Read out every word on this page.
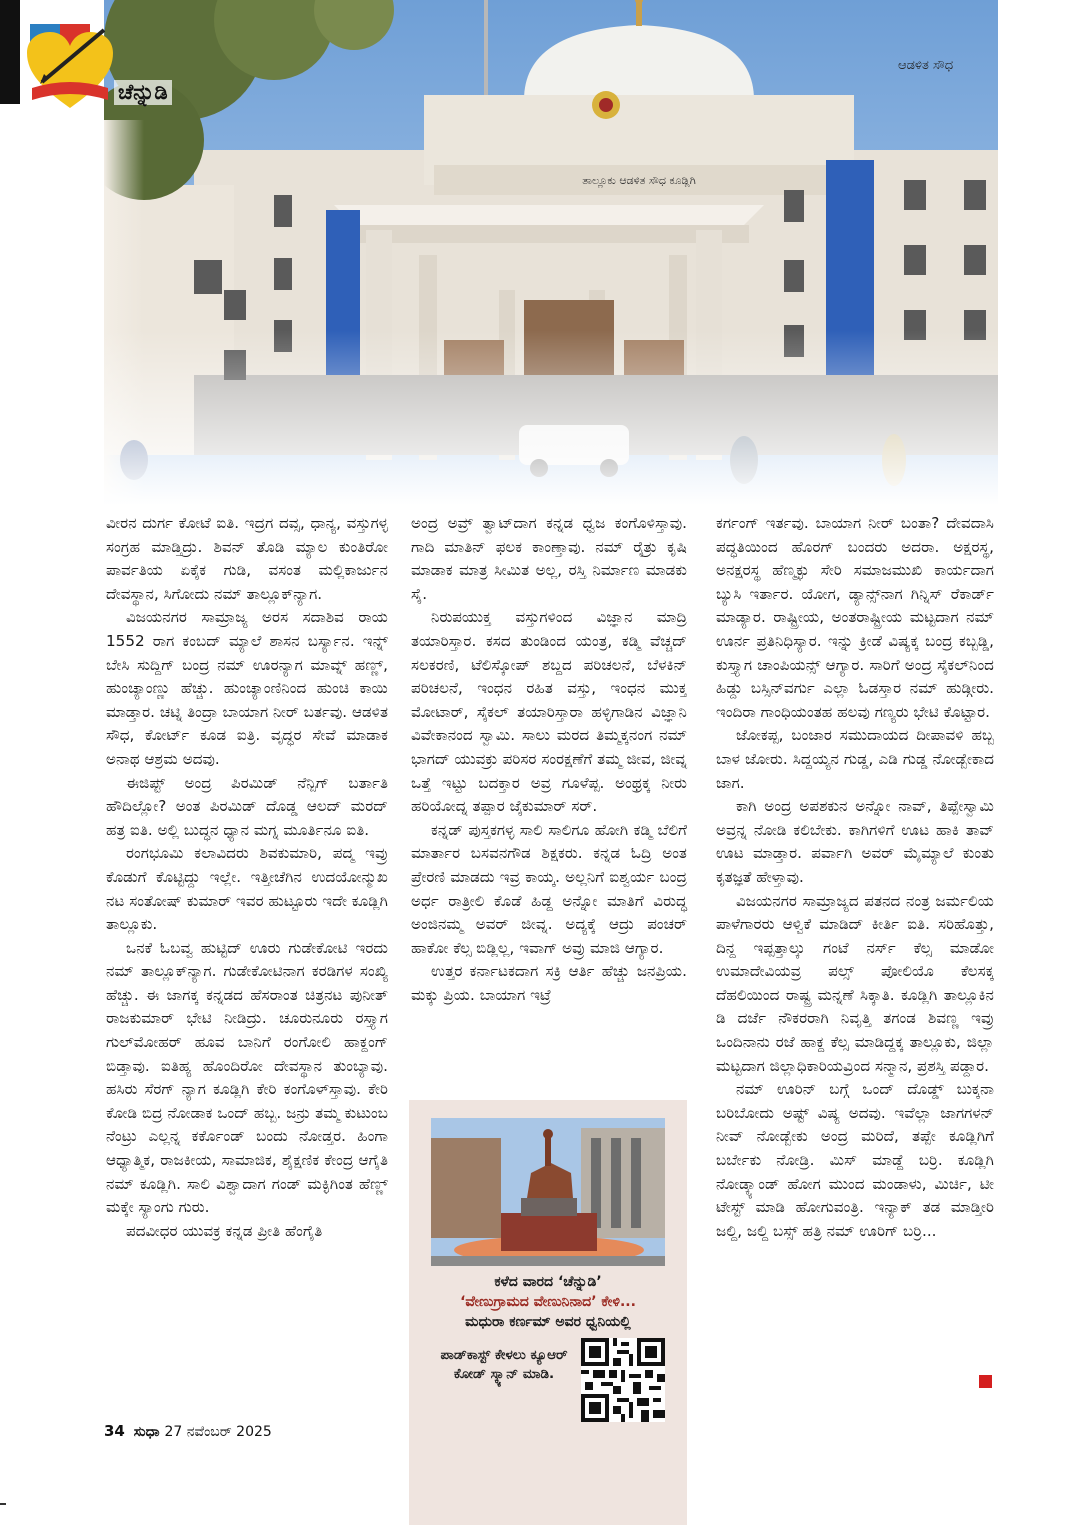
ತಾಲ್ಲೂಕು ಆಡಳಿತ ಸೌಧ ಕೂಡ್ಲಿಗಿ
ಚೆನ್ನುಡಿ
ಆಡಳಿತ ಸೌಧ

ವೀರನ ದುರ್ಗ ಕೋಟೆ ಐತಿ. ಇದ್ರಗ ದವ್ಸ, ಧಾನ್ಯ, ವಸ್ತುಗಳ್ಳ ಸಂಗ್ರಹ ಮಾಡ್ತಿದ್ರು. ಶಿವನ್ ತೊಡಿ ಮ್ಯಾಲ ಕುಂತಿರೋ ಪಾರ್ವತಿಯ ಏಕೈಕ ಗುಡಿ, ವಸಂತ ಮಲ್ಲಿಕಾರ್ಜುನ ದೇವಸ್ಥಾನ, ಸಿಗೋದು ನಮ್ ತಾಲ್ಲೂಕ್‌ನ್ಯಾಗ.

ವಿಜಯನಗರ ಸಾಮ್ರಾಜ್ಯ ಅರಸ ಸದಾಶಿವ ರಾಯ 1552 ರಾಗ ಕಂಬದ್ ಮ್ಯಾಲೆ ಶಾಸನ ಬರ್ಸ್ಯಾನ. ಇನ್ನ್ ಬೇಸಿ ಸುದ್ದಿಗ್ ಬಂದ್ರ ನಮ್ ಊರನ್ಯಾಗ ಮಾವ್ನ್ ಹಣ್ಣ್, ಹುಂಚ್ಯಾಂಣ್ಣು ಹೆಚ್ಚು. ಹುಂಚ್ಯಾಂಣಿನಿಂದ ಹುಂಚಿ ಕಾಯಿ ಮಾಡ್ತಾರ. ಚಟ್ನಿ ತಿಂದ್ರಾ ಬಾಯಾಗ ನೀರ್ ಬರ್ತವು. ಆಡಳಿತ ಸೌಧ, ಕೋರ್ಟ್ ಕೂಡ ಐತ್ರಿ. ವೃದ್ಧರ ಸೇವೆ ಮಾಡಾಕ ಅನಾಥ ಆಶ್ರಮ ಅದವು.

ಈಜಿಪ್ಟ್ ಅಂದ್ರ ಪಿರಮಿಡ್ ನೆನ್ಪಿಗ್ ಬರ್ತಾತಿ ಹೌದಿಲ್ಲೋ? ಅಂತ ಪಿರಮಿಡ್ ದೊಡ್ಡ ಆಲದ್ ಮರದ್ ಹತ್ರ ಐತಿ. ಅಲ್ಲಿ ಬುದ್ಧನ ಧ್ಯಾನ ಮಗ್ನ ಮೂರ್ತಿನೂ ಐತಿ.

ರಂಗಭೂಮಿ ಕಲಾವಿದರು ಶಿವಕುಮಾರಿ, ಪದ್ಮ ಇವ್ರು ಕೊಡುಗೆ ಕೊಟ್ಟಿದ್ದು ಇಲ್ಲೇ. ಇತ್ತೀಚೆಗಿನ ಉದಯೋನ್ಮುಖ ನಟ ಸಂತೋಷ್ ಕುಮಾರ್ ಇವರ ಹುಟ್ಟೂರು ಇದೇ ಕೂಡ್ಲಿಗಿ ತಾಲ್ಲೂಕು.

ಒನಕೆ ಓಬವ್ವ ಹುಟ್ಟಿದ್ ಊರು ಗುಡೇಕೋಟಿ ಇರದು ನಮ್ ತಾಲ್ಲೂಕ್‌ನ್ಯಾಗ. ಗುಡೇಕೋಟಿನಾಗ ಕರಡಿಗಳ ಸಂಖ್ಯಿ ಹೆಚ್ಚು. ಈ ಜಾಗಕ್ಕ ಕನ್ನಡದ ಹೆಸರಾಂತ ಚಿತ್ರನಟ ಪುನೀತ್ ರಾಜಕುಮಾರ್ ಭೇಟಿ ನೀಡಿದ್ರು. ಚೂರುನೂರು ರಸ್ತ್ಯಾಗ ಗುಲ್‌ಮೋಹರ್ ಹೂವ ಬಾನಿಗೆ ರಂಗೋಲಿ ಹಾಕ್ದಂಗ್ ಬಿಡ್ತಾವು. ಐತಿಹ್ಯ ಹೊಂದಿರೋ ದೇವಸ್ಥಾನ ತುಂಬ್ಯಾವು. ಹಸಿರು ಸೆರಗ್ ನ್ಯಾಗ ಕೂಡ್ಲಿಗಿ ಕೇರಿ ಕಂಗೊಳ್‌ಸ್ತಾವು. ಕೇರಿ ಕೋಡಿ ಬಿದ್ರ ನೋಡಾಕ ಒಂದ್ ಹಬ್ಬ. ಜನ್ರು ತಮ್ಮ ಕುಟುಂಬ ನೆಂಟ್ರು ಎಲ್ಲನ್ನ ಕರ್ಕೊಂಡ್ ಬಂದು ನೋಡ್ತರ. ಹಿಂಗಾ ಆಧ್ಯಾತ್ಮಿಕ, ರಾಜಕೀಯ, ಸಾಮಾಜಿಕ, ಶೈಕ್ಷಣಿಕ ಕೇಂದ್ರ ಆಗೈತಿ ನಮ್ ಕೂಡ್ಲಿಗಿ. ಸಾಲಿ ವಿಶ್ವಾದಾಗ ಗಂಡ್ ಮಕ್ಳಿಗಿಂತ ಹೆಣ್ಣ್ ಮಕ್ಕೇ ಸ್ಯಾಂಗು ಗುರು.

ಪದವೀಧರ ಯುವಕ್ರ ಕನ್ನಡ ಪ್ರೀತಿ ಹೆಂಗೈತಿ

ಅಂದ್ರ ಅವ್ರ್ ತ್ವಾಟ್‌ದಾಗ ಕನ್ನಡ ಧ್ವಜ ಕಂಗೊಳಿಸ್ತಾವು. ಗಾದಿ ಮಾತಿನ್ ಫಲಕ ಕಾಂಣ್ತಾವು. ನಮ್ ರೈತ್ರು ಕೃಷಿ ಮಾಡಾಕ ಮಾತ್ರ ಸೀಮಿತ ಅಲ್ಲ, ರಸ್ತಿ ನಿರ್ಮಾಣ ಮಾಡಕು ಸೈ.

ನಿರುಪಯುಕ್ತ ವಸ್ತುಗಳಿಂದ ವಿಜ್ಞಾನ ಮಾದ್ರಿ ತಯಾರಿಸ್ತಾರ. ಕಸದ ತುಂಡಿಂದ ಯಂತ್ರ, ಕಡ್ಮಿ ವೆಚ್ಚದ್ ಸಲಕರಣಿ, ಟೆಲಿಸ್ಕೋಪ್ ಶಬ್ದದ ಪರಿಚಲನೆ, ಬೆಳಕಿನ್ ಪರಿಚಲನೆ, ಇಂಧನ ರಹಿತ ವಸ್ತು, ಇಂಧನ ಮುಕ್ತ ಮೋಟಾರ್, ಸೈಕಲ್ ತಯಾರಿಸ್ತಾರಾ ಹಳ್ಳಿಗಾಡಿನ ವಿಜ್ಞಾನಿ ವಿವೇಕಾನಂದ ಸ್ವಾಮಿ. ಸಾಲು ಮರದ ತಿಮ್ಮಕ್ಕನಂಗ ನಮ್ ಭಾಗದ್ ಯುವಕ್ರು ಪರಿಸರ ಸಂರಕ್ಷಣೆಗೆ ತಮ್ಮ ಜೀವ, ಜೀವ್ನ ಒತ್ತೆ ಇಟ್ಟು ಬದಕ್ತಾರ ಅವ್ರ ಗೂಳೆಪ್ಪ. ಅಂಥ್ರಕ್ಕ ನೀರು ಹರಿಯೋದ್ನ ತಪ್ಪಾರ ಜೈಕುಮಾರ್ ಸರ್.

ಕನ್ನಡ್ ಪುಸ್ತಕಗಳ್ಳ ಸಾಲಿ ಸಾಲಿಗೂ ಹೋಗಿ ಕಡ್ಮಿ ಬೆಲಿಗೆ ಮಾರ್ತಾರ ಬಸವನಗೌಡ ಶಿಕ್ಷಕರು. ಕನ್ನಡ ಓದ್ರಿ ಅಂತ ಪ್ರೇರಣಿ ಮಾಡದು ಇವ್ರ ಕಾಯ್ಕ. ಅಲ್ಲನಿಗೆ ಐಶ್ವರ್ಯ ಬಂದ್ರ ಅರ್ಧ ರಾತ್ರೀಲಿ ಕೊಡೆ ಹಿಡ್ದ ಅನ್ನೋ ಮಾತಿಗೆ ವಿರುದ್ಧ ಅಂಜಿನಮ್ಮ ಅವರ್ ಜೀವ್ನ. ಅದ್ಯಕ್ಕೆ ಆದ್ರು ಪಂಚರ್ ಹಾಕೋ ಕೆಲ್ಸ ಬಿಡ್ಲಿಲ್ಲ, ಇವಾಗ್ ಅವ್ರು ಮಾಜಿ ಆಗ್ಯಾರ.

ಉತ್ತರ ಕರ್ನಾಟಕದಾಗ ಸಕ್ರಿ ಆರ್ತಿ ಹೆಚ್ಚು ಜನಪ್ರಿಯ. ಮಕ್ಕು ಪ್ರಿಯ. ಬಾಯಾಗ ಇಟ್ರೆ

ಕರ್ಗಂಗ್ ಇರ್ತವು. ಬಾಯಾಗ ನೀರ್ ಬಂತಾ? ದೇವದಾಸಿ ಪದ್ಧತಿಯಿಂದ ಹೊರಗ್ ಬಂದರು ಅದರಾ. ಅಕ್ಷರಸ್ಥ, ಅನಕ್ಷರಸ್ಥ ಹೆಣ್ಮಕ್ಳು ಸೇರಿ ಸಮಾಜಮುಖಿ ಕಾರ್ಯದಾಗ ಬ್ಯುಸಿ ಇರ್ತಾರ. ಯೋಗ, ಡ್ಯಾನ್ಸ್‌ನಾಗ ಗಿನ್ನಿಸ್ ರೆಕಾರ್ಡ್ ಮಾಡ್ಯಾರ. ರಾಷ್ಟ್ರೀಯ, ಅಂತರಾಷ್ಟ್ರೀಯ ಮಟ್ಟದಾಗ ನಮ್ ಊರ್ನ ಪ್ರತಿನಿಧಿಸ್ಯಾರ. ಇನ್ನು ಕ್ರೀಡೆ ವಿಷ್ಯಕ್ಕ ಬಂದ್ರ ಕಬ್ಬಡ್ಡಿ, ಕುಸ್ತ್ಯಾಗ ಚಾಂಪಿಯನ್ಸ್ ಆಗ್ಯಾರ. ಸಾರಿಗೆ ಅಂದ್ರ ಸೈಕಲ್‌ನಿಂದ ಹಿಡ್ದು ಬಸ್ಸಿನ್‌ವರ್ಗು ಎಲ್ಲಾ ಓಡಸ್ತಾರ ನಮ್ ಹುಡ್ಗೀರು. ಇಂದಿರಾ ಗಾಂಧಿಯಂತಹ ಹಲವು ಗಣ್ಯರು ಭೇಟಿ ಕೊಟ್ಟಾರ.

ಜೋಕಪ್ಪ, ಬಂಜಾರ ಸಮುದಾಯದ ದೀಪಾವಳಿ ಹಬ್ಬ ಬಾಳ ಜೋರು. ಸಿದ್ದಯ್ಯನ ಗುಡ್ಡ, ಎಡಿ ಗುಡ್ಡ ನೋಡ್ಬೇಕಾದ ಜಾಗ.

ಕಾಗಿ ಅಂದ್ರ ಅಪಶಕುನ ಅನ್ನೋ ನಾವ್, ತಿಪ್ಪೇಸ್ವಾಮಿ ಅವ್ರನ್ನ ನೋಡಿ ಕಲಿಬೇಕು. ಕಾಗಿಗಳಿಗೆ ಊಟ ಹಾಕಿ ತಾವ್ ಊಟ ಮಾಡ್ತಾರ. ಪರ್ವಾಗಿ ಅವರ್ ಮೈಮ್ಯಾಲೆ ಕುಂತು ಕೃತಜ್ಞತೆ ಹೇಳ್ತಾವು.

ವಿಜಯನಗರ ಸಾಮ್ರಾಜ್ಯದ ಪತನದ ನಂತ್ರ ಜರ್ಮಲಿಯ ಪಾಳೆಗಾರರು ಆಳ್ವಿಕೆ ಮಾಡಿದ್ ಕೀರ್ತಿ ಐತಿ. ಸರಿಹೊತ್ತು, ದಿನ್ದ ಇಪ್ಪತ್ತಾಲ್ಕು ಗಂಟೆ ನರ್ಸ್ ಕೆಲ್ಸ ಮಾಡೋ ಉಮಾದೇವಿಯವ್ರ ಪಲ್ಸ್ ಪೋಲಿಯೊ ಕೆಲಸಕ್ಕ ದೆಹಲಿಯಿಂದ ರಾಷ್ಟ್ರ ಮನ್ನಣೆ ಸಿಕ್ಕಾತಿ. ಕೂಡ್ಲಿಗಿ ತಾಲ್ಲೂಕಿನ ಡಿ ದರ್ಜೆ ನೌಕರರಾಗಿ ನಿವೃತ್ತಿ ತಗಂಡ ಶಿವಣ್ಣ ಇವ್ರು ಒಂದಿನಾನು ರಜೆ ಹಾಕ್ದ ಕೆಲ್ಸ ಮಾಡಿದ್ದಕ್ಕ ತಾಲ್ಲೂಕು, ಜಿಲ್ಲಾ ಮಟ್ಟದಾಗ ಜಿಲ್ಲಾಧಿಕಾರಿಯವ್ರಿಂದ ಸನ್ಮಾನ, ಪ್ರಶಸ್ತಿ ಪಡ್ದಾರ.

ನಮ್ ಊರಿನ್ ಬಗ್ಗೆ ಒಂದ್ ದೊಡ್ಡ್ ಬುಕ್ಕನಾ ಬರಿಬೋದು ಅಷ್ಟ್ ವಿಷ್ಯ ಅದವು. ಇವೆಲ್ಲಾ ಜಾಗಗಳನ್ ನೀವ್ ನೋಡ್ಬೇಕು ಅಂದ್ರ ಮರಿದೆ, ತಪ್ಪೇ ಕೂಡ್ಲಿಗಿಗೆ ಬರ್ಬೇಕು ನೋಡ್ರಿ. ಮಿಸ್ ಮಾಡ್ದೆ ಬರ್ರಿ. ಕೂಡ್ಲಿಗಿ ನೋಡ್ಕ್ಯಾಂಡ್ ಹೋಗ ಮುಂದ ಮಂಡಾಳು, ಮಿರ್ಚಿ, ಟೀ ಟೇಸ್ಟ್ ಮಾಡಿ ಹೋಗುವಂತ್ರಿ. ಇನ್ಯಾಕ್ ತಡ ಮಾಡ್ತೀರಿ ಜಲ್ದಿ, ಜಲ್ದಿ ಬಸ್ಸ್ ಹತ್ರಿ ನಮ್ ಊರಿಗ್ ಬರ್ರಿ...

ಕಳೆದ ವಾರದ ‘ಚೆನ್ನುಡಿ’
‘ವೇಣುಗ್ರಾಮದ ವೇಣುನಿನಾದ’ ಕೇಳಿ...
ಮಧುರಾ ಕರ್ಣಮ್ ಅವರ ಧ್ವನಿಯಲ್ಲಿ
ಪಾಡ್‌ಕಾಸ್ಟ್ ಕೇಳಲು ಕ್ಯೂಆರ್ ಕೋಡ್ ಸ್ಕ್ಯಾನ್ ಮಾಡಿ.
34 ಸುಧಾ 27 ನವೆಂಬರ್ 2025
